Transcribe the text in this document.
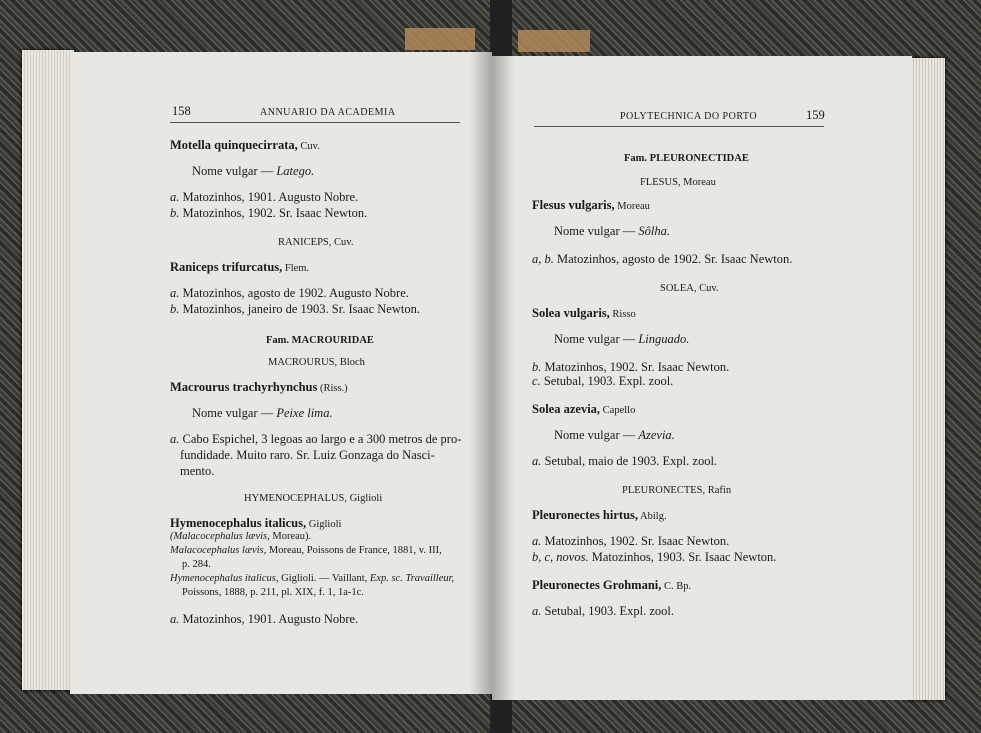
158	ANNUARIO DA ACADEMIA
Motella quinquecirrata, Cuv.
Nome vulgar — Latego.
a. Matozinhos, 1901. Augusto Nobre.
b. Matozinhos, 1902. Sr. Isaac Newton.
RANICEPS, Cuv.
Raniceps trifurcatus, Flem.
a. Matozinhos, agosto de 1902. Augusto Nobre.
b. Matozinhos, janeiro de 1903. Sr. Isaac Newton.
Fam. MACROURIDAE
MACROURUS, Bloch
Macrourus trachyrhynchus (Riss.)
Nome vulgar — Peixe lima.
a. Cabo Espichel, 3 legoas ao largo e a 300 metros de pro-
fundidade. Muito raro. Sr. Luiz Gonzaga do Nasci-
mento.
HYMENOCEPHALUS, Giglioli
Hymenocephalus italicus, Giglioli
(Malacocephalus lævis, Moreau).
Malacocephalus lævis, Moreau, Poissons de France, 1881, v. III,
p. 284.
Hymenocephalus italicus, Giglioli. — Vaillant, Exp. sc. Travailleur,
Poissons, 1888, p. 211, pl. XIX, f. 1, 1a-1c.
a. Matozinhos, 1901. Augusto Nobre.
POLYTECHNICA DO PORTO	159
Fam. PLEURONECTIDAE
FLESUS, Moreau
Flesus vulgaris, Moreau
Nome vulgar — Sôlha.
a, b. Matozinhos, agosto de 1902. Sr. Isaac Newton.
SOLEA, Cuv.
Solea vulgaris, Risso
Nome vulgar — Linguado.
b. Matozinhos, 1902. Sr. Isaac Newton.
c. Setubal, 1903. Expl. zool.
Solea azevia, Capello
Nome vulgar — Azevia.
a. Setubal, maio de 1903. Expl. zool.
PLEURONECTES, Rafin
Pleuronectes hirtus, Abilg.
a. Matozinhos, 1902. Sr. Isaac Newton.
b, c, novos. Matozinhos, 1903. Sr. Isaac Newton.
Pleuronectes Grohmani, C. Bp.
a. Setubal, 1903. Expl. zool.
